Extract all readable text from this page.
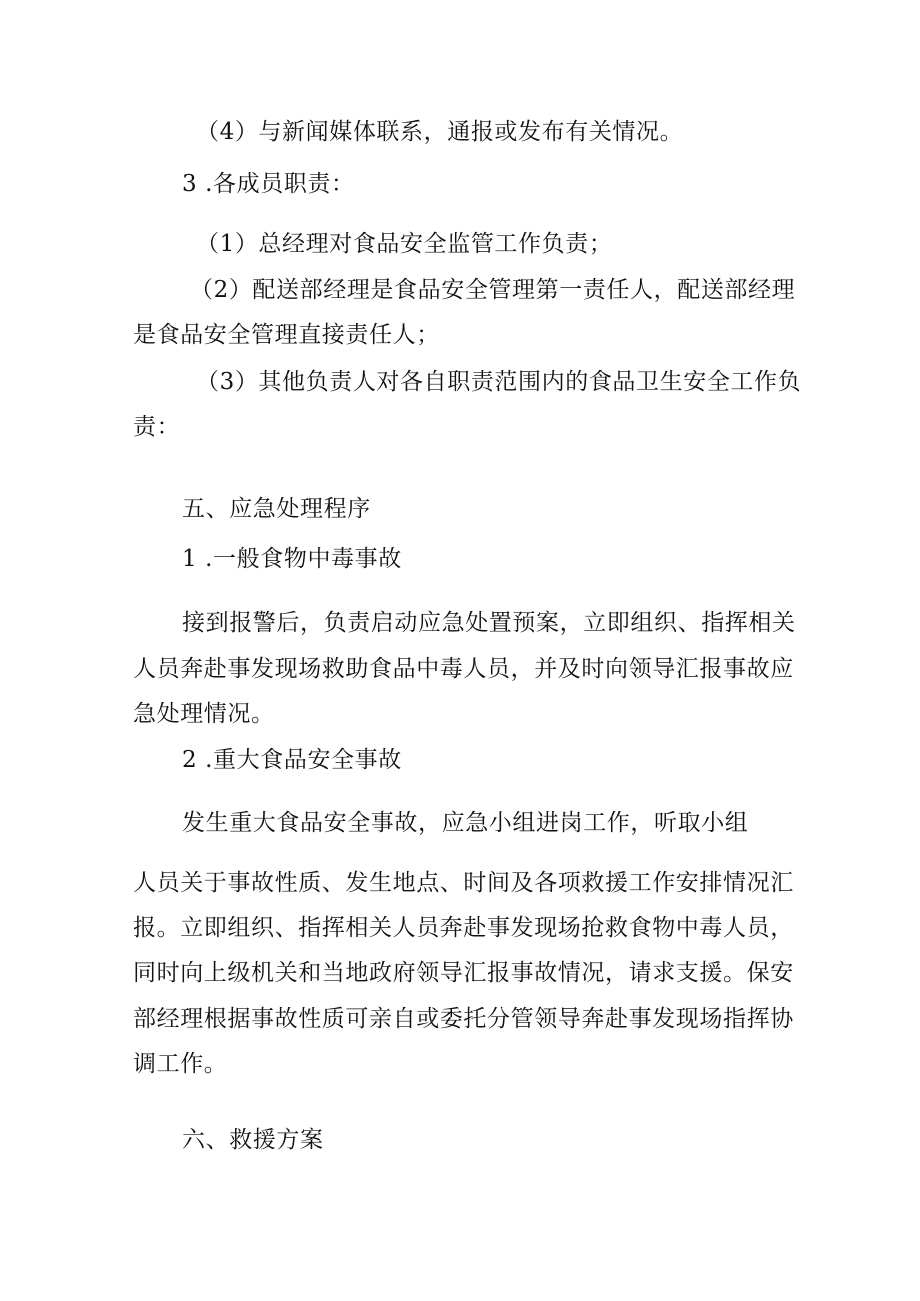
（4）与新闻媒体联系，通报或发布有关情况。
3 .各成员职责：
（1）总经理对食品安全监管工作负责；
（2）配送部经理是食品安全管理第一责任人，配送部经理
是食品安全管理直接责任人；
（3）其他负责人对各自职责范围内的食品卫生安全工作负
责：
五、应急处理程序
1 .一般食物中毒事故
接到报警后，负责启动应急处置预案，立即组织、指挥相关
人员奔赴事发现场救助食品中毒人员，并及时向领导汇报事故应
急处理情况。
2 .重大食品安全事故
发生重大食品安全事故，应急小组进岗工作，听取小组
人员关于事故性质、发生地点、时间及各项救援工作安排情况汇
报。立即组织、指挥相关人员奔赴事发现场抢救食物中毒人员，
同时向上级机关和当地政府领导汇报事故情况，请求支援。保安
部经理根据事故性质可亲自或委托分管领导奔赴事发现场指挥协
调工作。
六、救援方案
